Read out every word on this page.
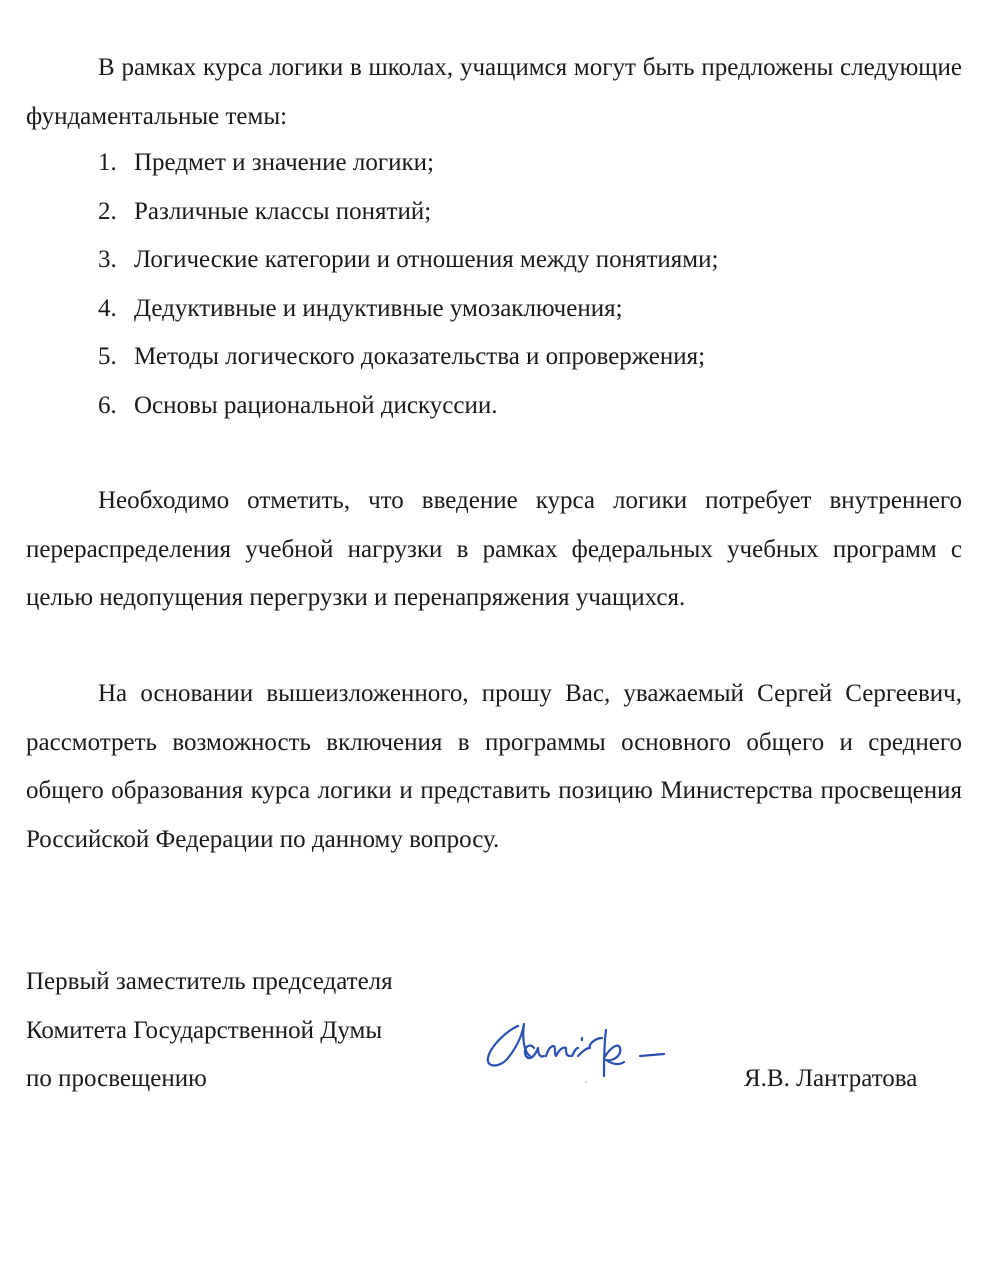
В рамках курса логики в школах, учащимся могут быть предложены следующие фундаментальные темы:

1. Предмет и значение логики;
2. Различные классы понятий;
3. Логические категории и отношения между понятиями;
4. Дедуктивные и индуктивные умозаключения;
5. Методы логического доказательства и опровержения;
6. Основы рациональной дискуссии.

Необходимо отметить, что введение курса логики потребует внутреннего перераспределения учебной нагрузки в рамках федеральных учебных программ с целью недопущения перегрузки и перенапряжения учащихся.

На основании вышеизложенного, прошу Вас, уважаемый Сергей Сергеевич, рассмотреть возможность включения в программы основного общего и среднего общего образования курса логики и представить позицию Министерства просвещения Российской Федерации по данному вопросу.

Первый заместитель председателя
Комитета Государственной Думы
по просвещению	Я.В. Лантратова
